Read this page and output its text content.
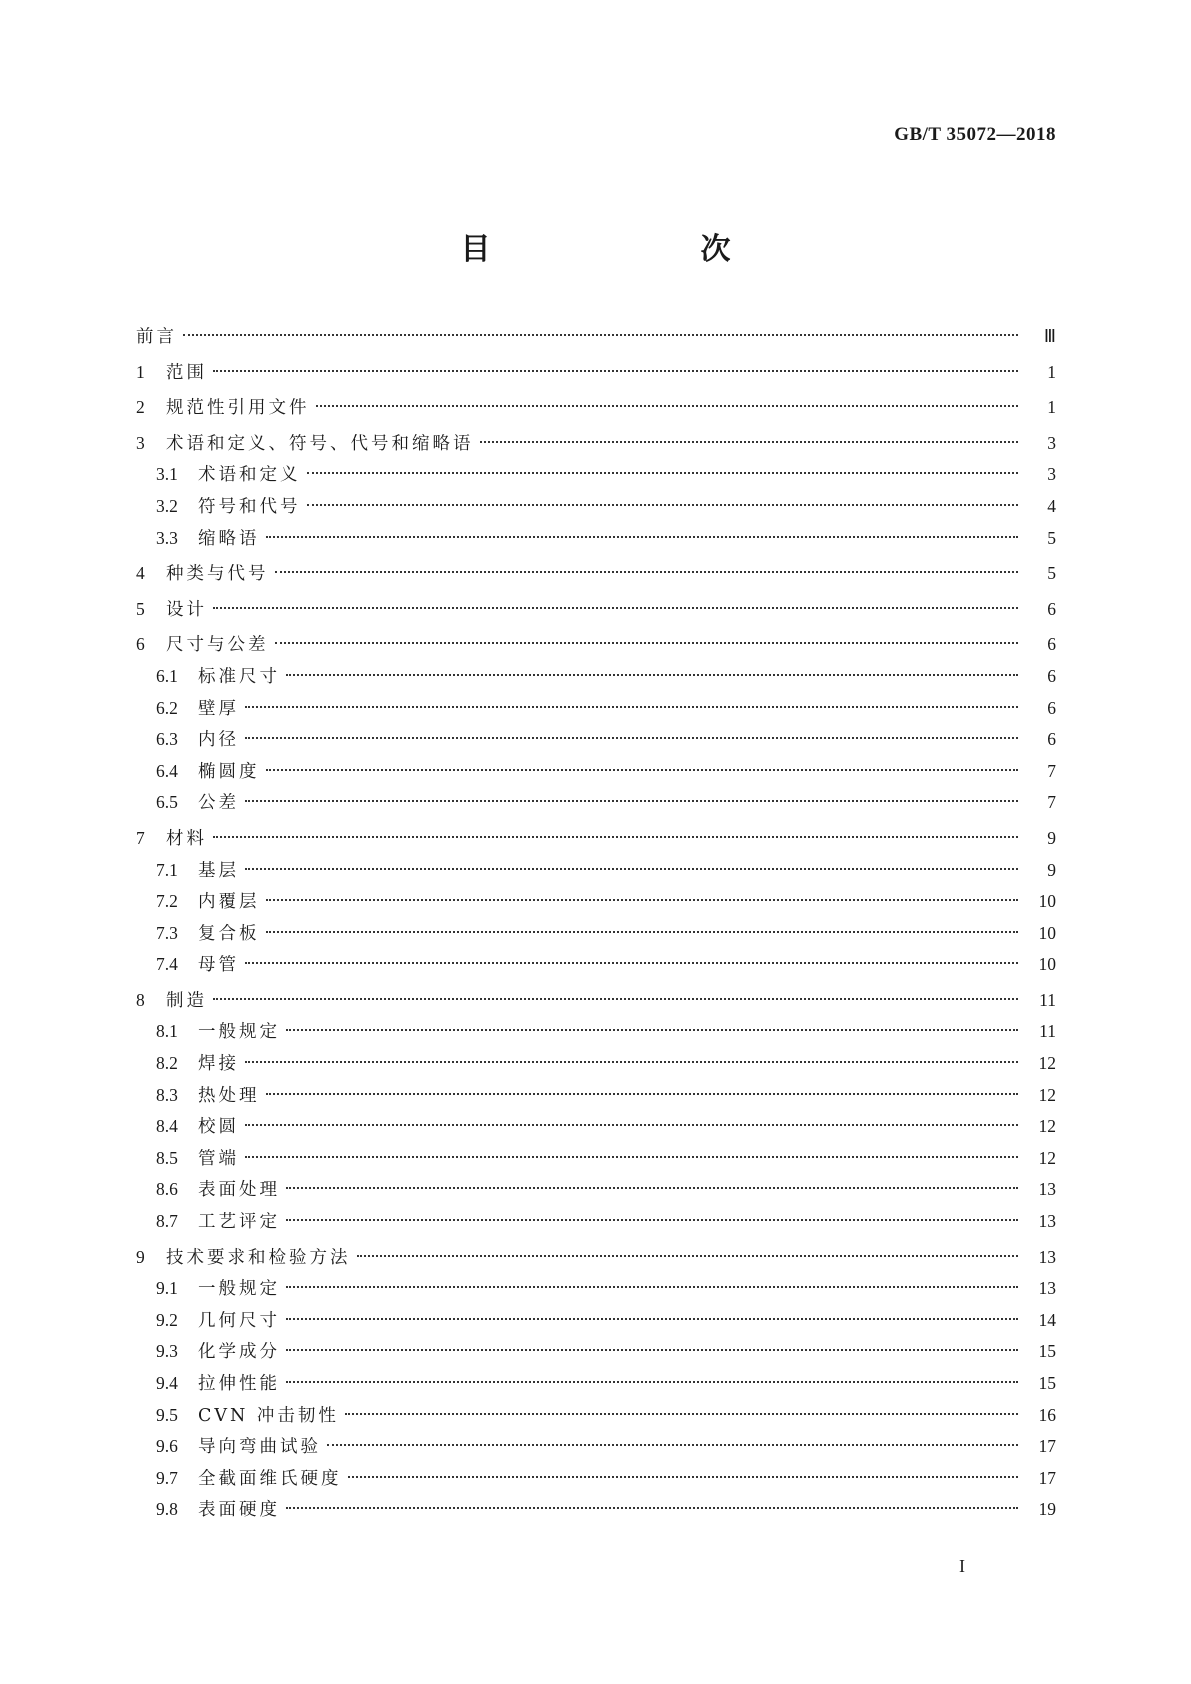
GB/T 35072—2018
目　　次
前言	Ⅲ
1	范围	1
2	规范性引用文件	1
3	术语和定义、符号、代号和缩略语	3
3.1	术语和定义	3
3.2	符号和代号	4
3.3	缩略语	5
4	种类与代号	5
5	设计	6
6	尺寸与公差	6
6.1	标准尺寸	6
6.2	壁厚	6
6.3	内径	6
6.4	椭圆度	7
6.5	公差	7
7	材料	9
7.1	基层	9
7.2	内覆层	10
7.3	复合板	10
7.4	母管	10
8	制造	11
8.1	一般规定	11
8.2	焊接	12
8.3	热处理	12
8.4	校圆	12
8.5	管端	12
8.6	表面处理	13
8.7	工艺评定	13
9	技术要求和检验方法	13
9.1	一般规定	13
9.2	几何尺寸	14
9.3	化学成分	15
9.4	拉伸性能	15
9.5	CVN 冲击韧性	16
9.6	导向弯曲试验	17
9.7	全截面维氏硬度	17
9.8	表面硬度	19
I
